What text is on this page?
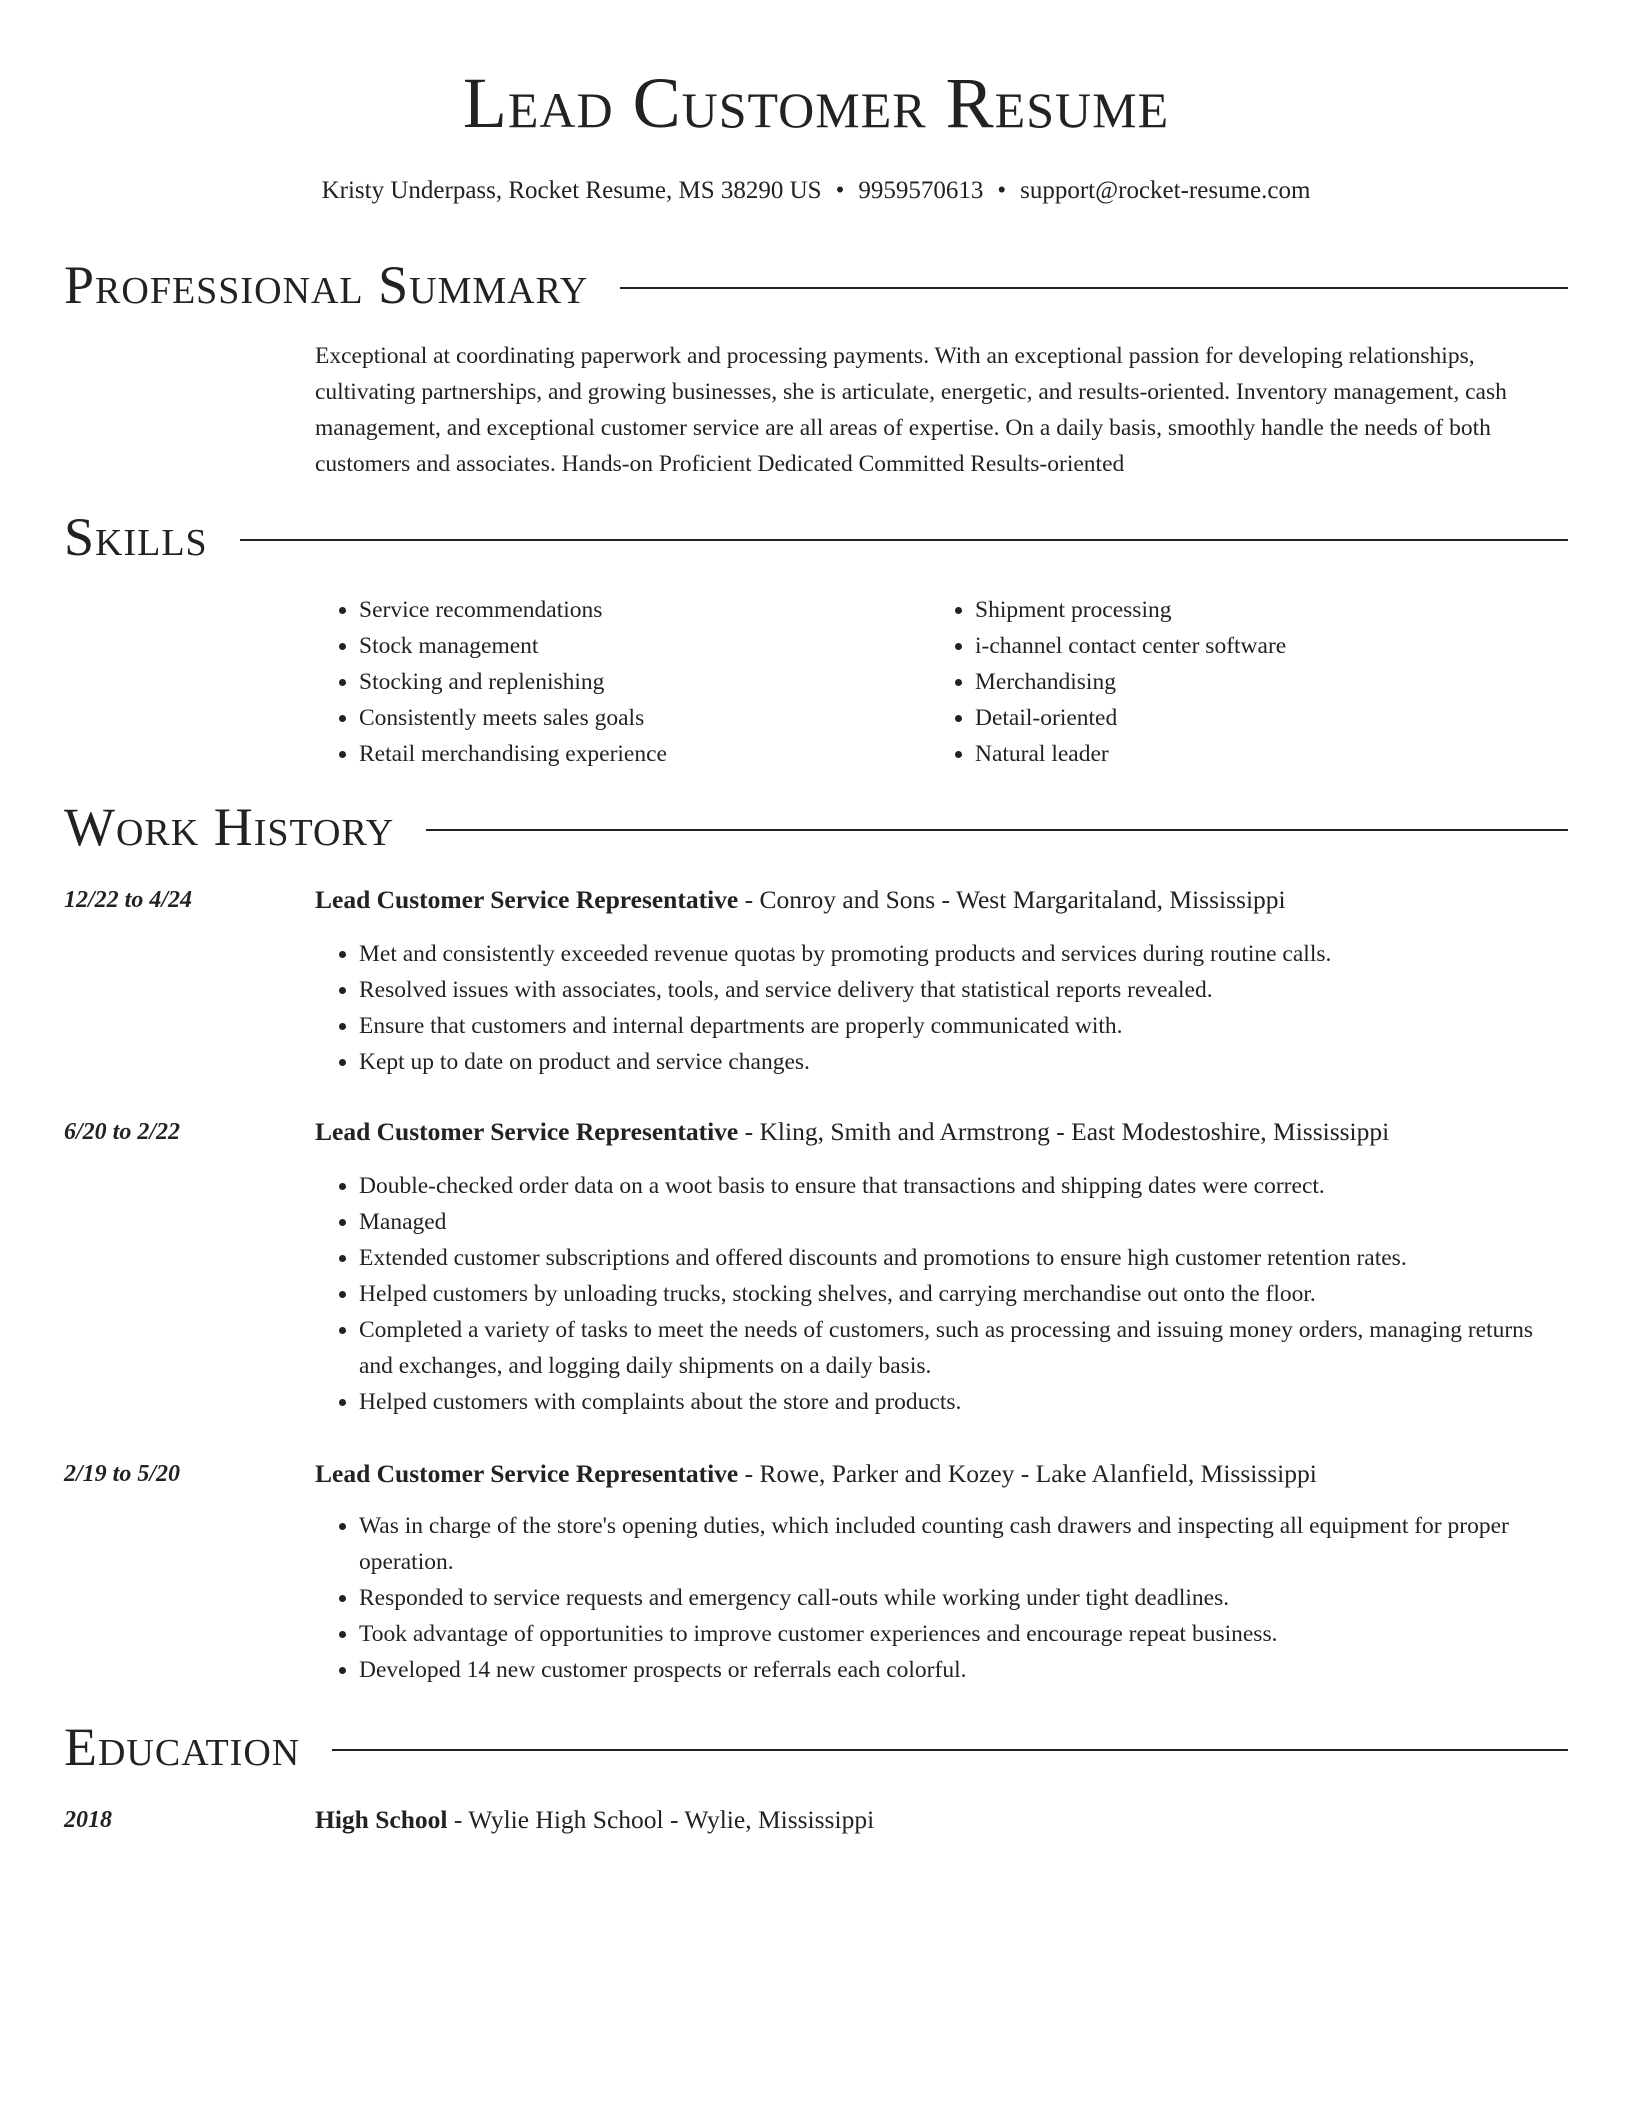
Lead Customer Resume
Kristy Underpass, Rocket Resume, MS 38290 US • 9959570613 • support@rocket-resume.com
Professional Summary
Exceptional at coordinating paperwork and processing payments. With an exceptional passion for developing relationships, cultivating partnerships, and growing businesses, she is articulate, energetic, and results-oriented. Inventory management, cash management, and exceptional customer service are all areas of expertise. On a daily basis, smoothly handle the needs of both customers and associates. Hands-on Proficient Dedicated Committed Results-oriented
Skills
• Service recommendations
• Stock management
• Stocking and replenishing
• Consistently meets sales goals
• Retail merchandising experience
• Shipment processing
• i-channel contact center software
• Merchandising
• Detail-oriented
• Natural leader
Work History
12/22 to 4/24	Lead Customer Service Representative - Conroy and Sons - West Margaritaland, Mississippi
• Met and consistently exceeded revenue quotas by promoting products and services during routine calls.
• Resolved issues with associates, tools, and service delivery that statistical reports revealed.
• Ensure that customers and internal departments are properly communicated with.
• Kept up to date on product and service changes.
6/20 to 2/22	Lead Customer Service Representative - Kling, Smith and Armstrong - East Modestoshire, Mississippi
• Double-checked order data on a woot basis to ensure that transactions and shipping dates were correct.
• Managed
• Extended customer subscriptions and offered discounts and promotions to ensure high customer retention rates.
• Helped customers by unloading trucks, stocking shelves, and carrying merchandise out onto the floor.
• Completed a variety of tasks to meet the needs of customers, such as processing and issuing money orders, managing returns and exchanges, and logging daily shipments on a daily basis.
• Helped customers with complaints about the store and products.
2/19 to 5/20	Lead Customer Service Representative - Rowe, Parker and Kozey - Lake Alanfield, Mississippi
• Was in charge of the store's opening duties, which included counting cash drawers and inspecting all equipment for proper operation.
• Responded to service requests and emergency call-outs while working under tight deadlines.
• Took advantage of opportunities to improve customer experiences and encourage repeat business.
• Developed 14 new customer prospects or referrals each colorful.
Education
2018	High School - Wylie High School - Wylie, Mississippi
